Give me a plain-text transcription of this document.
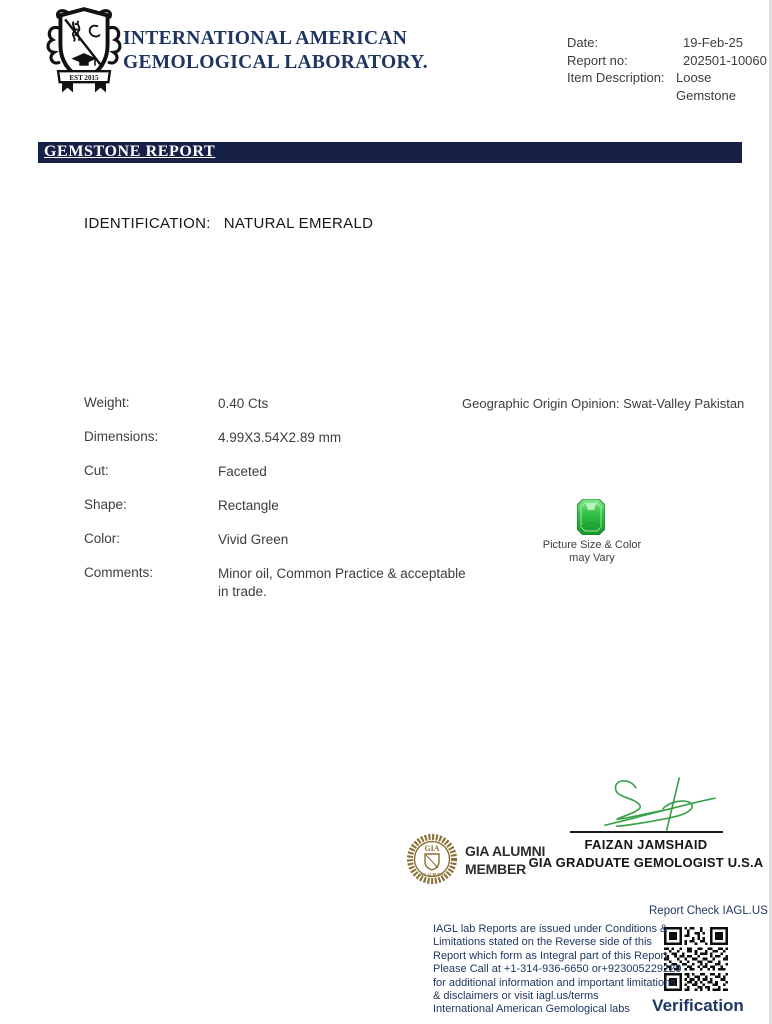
EST 2015
INTERNATIONAL AMERICAN
GEMOLOGICAL LABORATORY.
Date:	19-Feb-25
Report no:	202501-10060
Item Description: Loose Gemstone
GEMSTONE REPORT
IDENTIFICATION: NATURAL EMERALD
Weight:	0.40 Cts
Dimensions:	4.99X3.54X2.89 mm
Cut:	Faceted
Shape:	Rectangle
Color:	Vivid Green
Comments:	Minor oil, Common Practice & acceptable in trade.
Geographic Origin Opinion: Swat-Valley Pakistan
Picture Size & Color
may Vary
FAIZAN JAMSHAID
GIA GRADUATE GEMOLOGIST U.S.A
GIA
ALUMNI
GIA ALUMNI
MEMBER
Report Check IAGL.US
Verification
IAGL lab Reports are issued under Conditions &
Limitations stated on the Reverse side of this
Report which form as Integral part of this Report.
Please Call at +1-314-936-6650 or+923005229220
for additional information and important limitations
& disclaimers or visit iagl.us/terms
International American Gemological labs
